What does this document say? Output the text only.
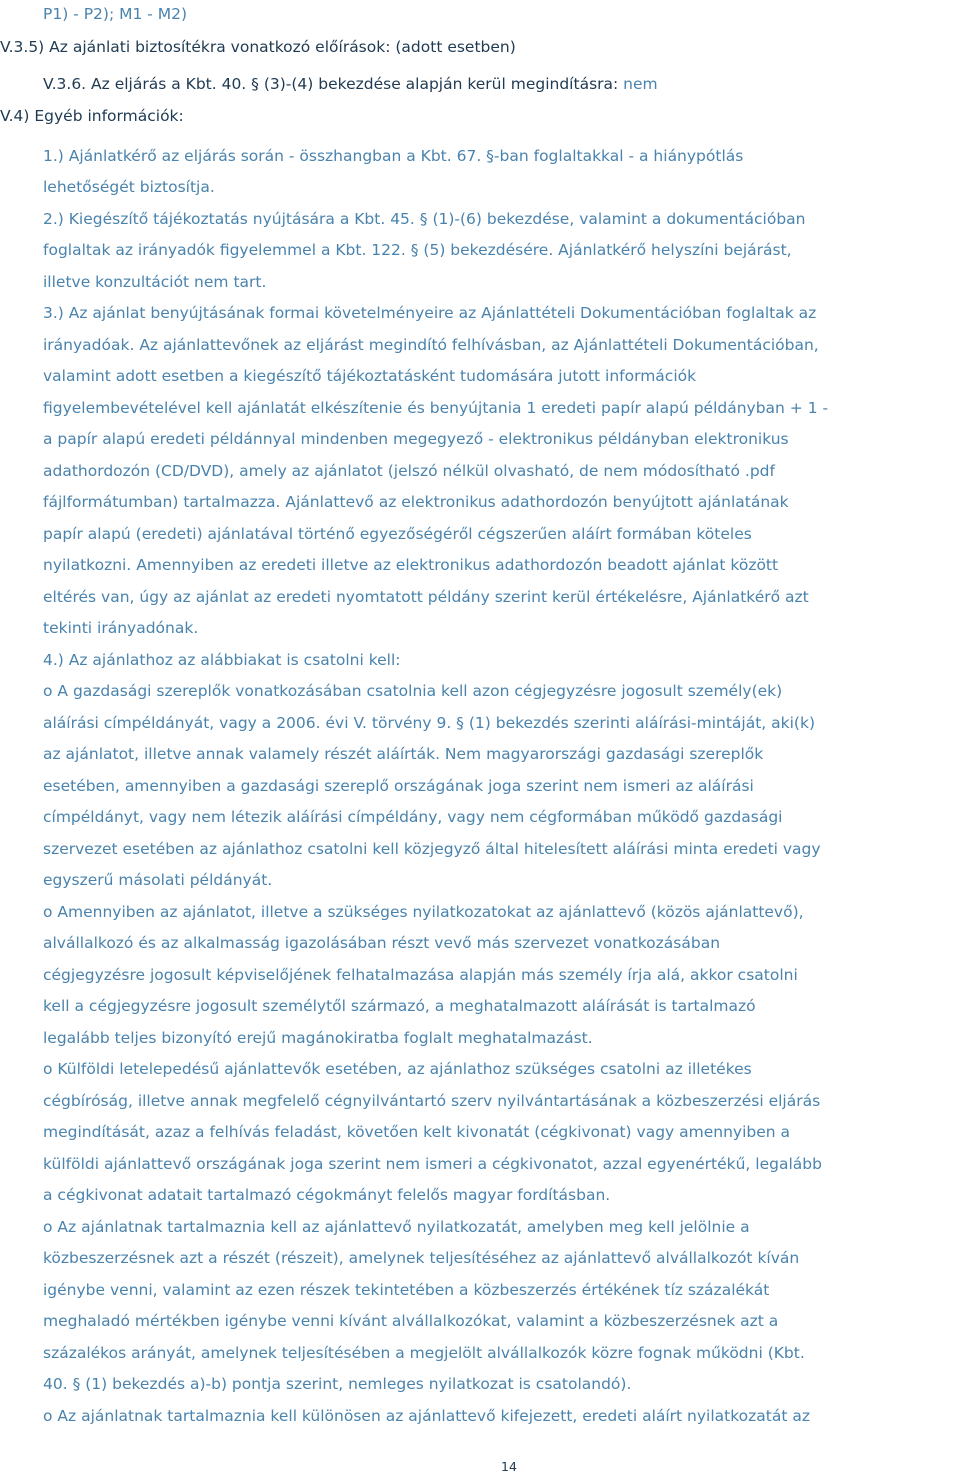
P1) - P2); M1 - M2)
V.3.5) Az ajánlati biztosítékra vonatkozó előírások: (adott esetben)
V.3.6. Az eljárás a Kbt. 40. § (3)-(4) bekezdése alapján kerül megindításra: nem
V.4) Egyéb információk:
1.) Ajánlatkérő az eljárás során - összhangban a Kbt. 67. §-ban foglaltakkal - a hiánypótlás
lehetőségét biztosítja.
2.) Kiegészítő tájékoztatás nyújtására a Kbt. 45. § (1)-(6) bekezdése, valamint a dokumentációban
foglaltak az irányadók figyelemmel a Kbt. 122. § (5) bekezdésére. Ajánlatkérő helyszíni bejárást,
illetve konzultációt nem tart.
3.) Az ajánlat benyújtásának formai követelményeire az Ajánlattételi Dokumentációban foglaltak az
irányadóak. Az ajánlattevőnek az eljárást megindító felhívásban, az Ajánlattételi Dokumentációban,
valamint adott esetben a kiegészítő tájékoztatásként tudomására jutott információk
figyelembevételével kell ajánlatát elkészítenie és benyújtania 1 eredeti papír alapú példányban + 1 -
a papír alapú eredeti példánnyal mindenben megegyező - elektronikus példányban elektronikus
adathordozón (CD/DVD), amely az ajánlatot (jelszó nélkül olvasható, de nem módosítható .pdf
fájlformátumban) tartalmazza. Ajánlattevő az elektronikus adathordozón benyújtott ajánlatának
papír alapú (eredeti) ajánlatával történő egyezőségéről cégszerűen aláírt formában köteles
nyilatkozni. Amennyiben az eredeti illetve az elektronikus adathordozón beadott ajánlat között
eltérés van, úgy az ajánlat az eredeti nyomtatott példány szerint kerül értékelésre, Ajánlatkérő azt
tekinti irányadónak.
4.) Az ajánlathoz az alábbiakat is csatolni kell:
o A gazdasági szereplők vonatkozásában csatolnia kell azon cégjegyzésre jogosult személy(ek)
aláírási címpéldányát, vagy a 2006. évi V. törvény 9. § (1) bekezdés szerinti aláírási-mintáját, aki(k)
az ajánlatot, illetve annak valamely részét aláírták. Nem magyarországi gazdasági szereplők
esetében, amennyiben a gazdasági szereplő országának joga szerint nem ismeri az aláírási
címpéldányt, vagy nem létezik aláírási címpéldány, vagy nem cégformában működő gazdasági
szervezet esetében az ajánlathoz csatolni kell közjegyző által hitelesített aláírási minta eredeti vagy
egyszerű másolati példányát.
o Amennyiben az ajánlatot, illetve a szükséges nyilatkozatokat az ajánlattevő (közös ajánlattevő),
alvállalkozó és az alkalmasság igazolásában részt vevő más szervezet vonatkozásában
cégjegyzésre jogosult képviselőjének felhatalmazása alapján más személy írja alá, akkor csatolni
kell a cégjegyzésre jogosult személytől származó, a meghatalmazott aláírását is tartalmazó
legalább teljes bizonyító erejű magánokiratba foglalt meghatalmazást.
o Külföldi letelepedésű ajánlattevők esetében, az ajánlathoz szükséges csatolni az illetékes
cégbíróság, illetve annak megfelelő cégnyilvántartó szerv nyilvántartásának a közbeszerzési eljárás
megindítását, azaz a felhívás feladást, követően kelt kivonatát (cégkivonat) vagy amennyiben a
külföldi ajánlattevő országának joga szerint nem ismeri a cégkivonatot, azzal egyenértékű, legalább
a cégkivonat adatait tartalmazó cégokmányt felelős magyar fordításban.
o Az ajánlatnak tartalmaznia kell az ajánlattevő nyilatkozatát, amelyben meg kell jelölnie a
közbeszerzésnek azt a részét (részeit), amelynek teljesítéséhez az ajánlattevő alvállalkozót kíván
igénybe venni, valamint az ezen részek tekintetében a közbeszerzés értékének tíz százalékát
meghaladó mértékben igénybe venni kívánt alvállalkozókat, valamint a közbeszerzésnek azt a
százalékos arányát, amelynek teljesítésében a megjelölt alvállalkozók közre fognak működni (Kbt.
40. § (1) bekezdés a)-b) pontja szerint, nemleges nyilatkozat is csatolandó).
o Az ajánlatnak tartalmaznia kell különösen az ajánlattevő kifejezett, eredeti aláírt nyilatkozatát az
14
